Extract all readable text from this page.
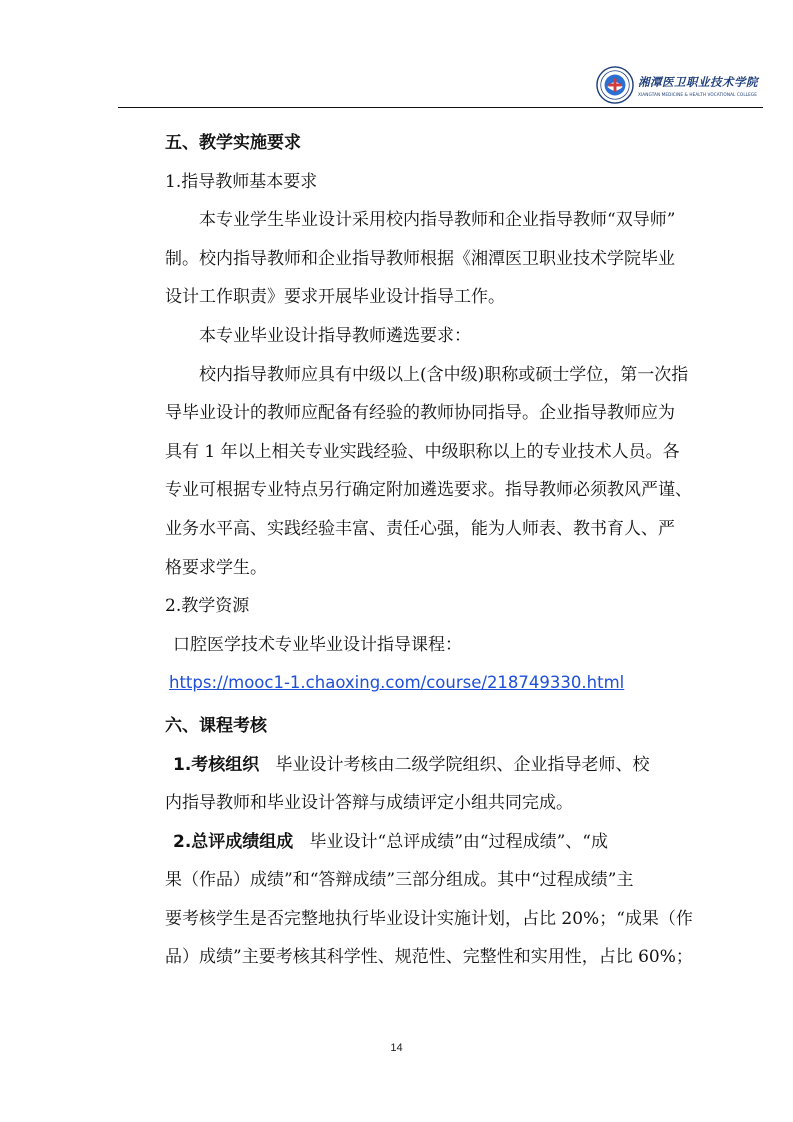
湘潭医卫职业技术学院
XIANGTAN MEDICINE & HEALTH VOCATIONAL COLLEGE

五、教学实施要求

1.指导教师基本要求

本专业学生毕业设计采用校内指导教师和企业指导教师“双导师”

制。校内指导教师和企业指导教师根据《湘潭医卫职业技术学院毕业

设计工作职责》要求开展毕业设计指导工作。

本专业毕业设计指导教师遴选要求：

校内指导教师应具有中级以上(含中级)职称或硕士学位，第一次指

导毕业设计的教师应配备有经验的教师协同指导。企业指导教师应为

具有 1 年以上相关专业实践经验、中级职称以上的专业技术人员。各

专业可根据专业特点另行确定附加遴选要求。指导教师必须教风严谨、

业务水平高、实践经验丰富、责任心强，能为人师表、教书育人、严

格要求学生。

2.教学资源

口腔医学技术专业毕业设计指导课程：

https://mooc1-1.chaoxing.com/course/218749330.html

六、课程考核

1.考核组织 毕业设计考核由二级学院组织、企业指导老师、校

内指导教师和毕业设计答辩与成绩评定小组共同完成。

2.总评成绩组成 毕业设计“总评成绩”由“过程成绩”、“成

果（作品）成绩”和“答辩成绩”三部分组成。其中“过程成绩”主

要考核学生是否完整地执行毕业设计实施计划，占比 20%；“成果（作

品）成绩”主要考核其科学性、规范性、完整性和实用性，占比 60%；

14
